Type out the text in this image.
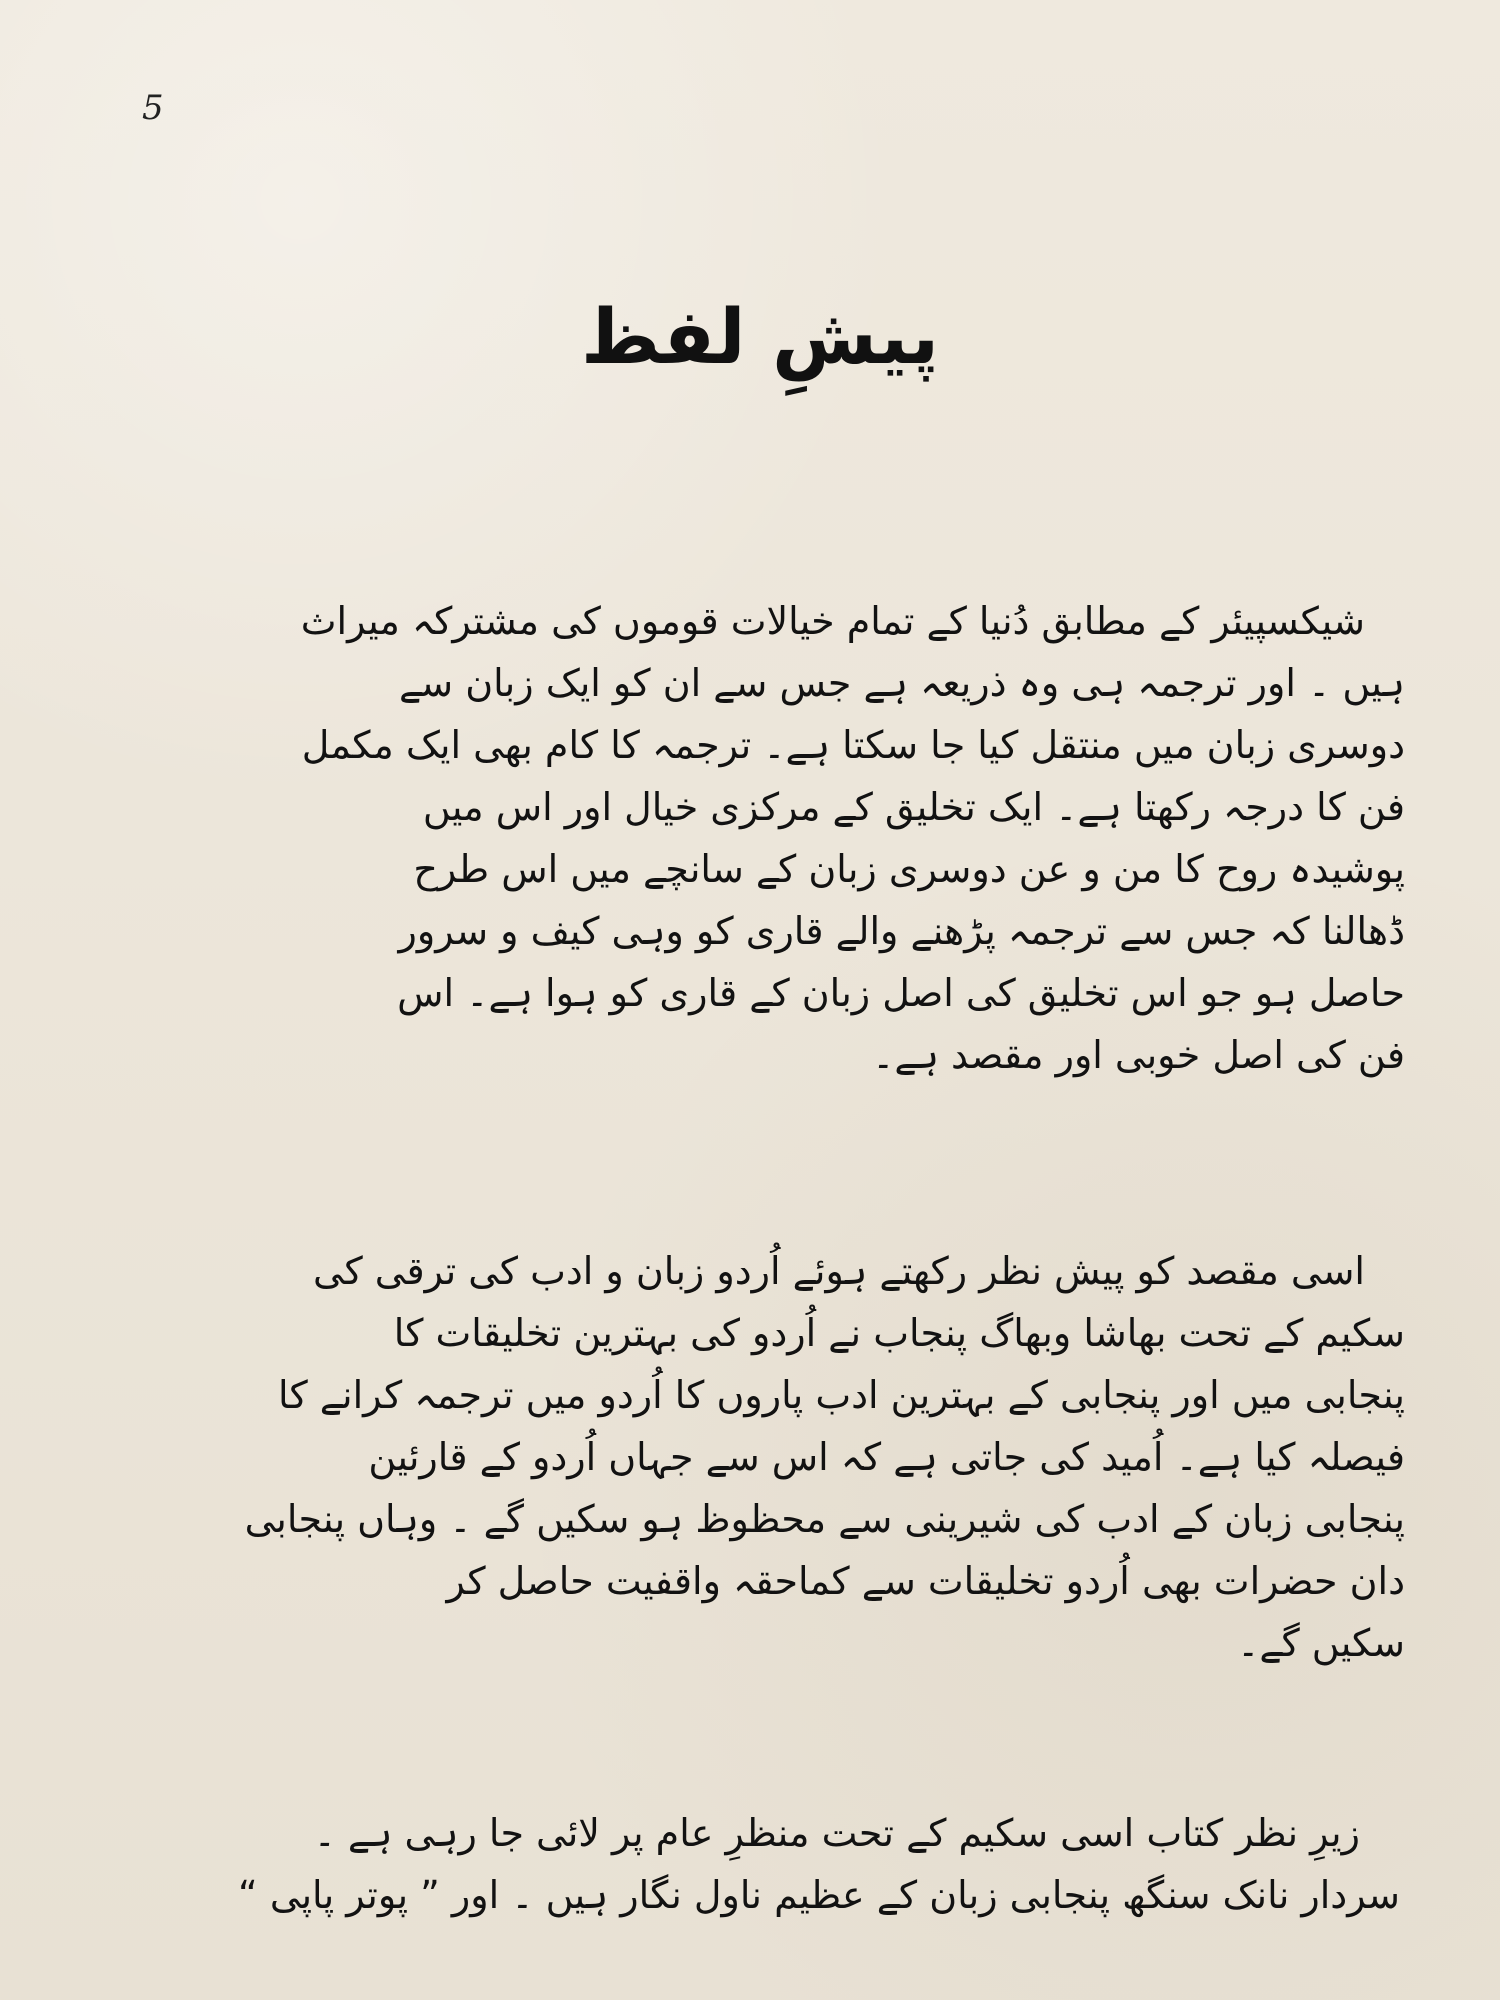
5
پیشِ لفظ
شیکسپیئر کے مطابق دُنیا کے تمام خیالات قوموں کی مشترکہ میراث
ہیں ۔ اور ترجمہ ہی وہ ذریعہ ہے جس سے ان کو ایک زبان سے
دوسری زبان میں منتقل کیا جا سکتا ہے۔ ترجمہ کا کام بھی ایک مکمل
فن کا درجہ رکھتا ہے۔ ایک تخلیق کے مرکزی خیال اور اس میں
پوشیدہ روح کا من و عن دوسری زبان کے سانچے میں اس طرح
ڈھالنا کہ جس سے ترجمہ پڑھنے والے قاری کو وہی کیف و سرور
حاصل ہو جو اس تخلیق کی اصل زبان کے قاری کو ہوا ہے۔ اس
فن کی اصل خوبی اور مقصد ہے۔
اسی مقصد کو پیش نظر رکھتے ہوئے اُردو زبان و ادب کی ترقی کی
سکیم کے تحت بھاشا وبھاگ پنجاب نے اُردو کی بہترین تخلیقات کا
پنجابی میں اور پنجابی کے بہترین ادب پاروں کا اُردو میں ترجمہ کرانے کا
فیصلہ کیا ہے۔ اُمید کی جاتی ہے کہ اس سے جہاں اُردو کے قارئین
پنجابی زبان کے ادب کی شیرینی سے محظوظ ہو سکیں گے ۔ وہاں پنجابی
دان حضرات بھی اُردو تخلیقات سے کماحقہ واقفیت حاصل کر
سکیں گے۔
زیرِ نظر کتاب اسی سکیم کے تحت منظرِ عام پر لائی جا رہی ہے ۔
سردار نانک سنگھ پنجابی زبان کے عظیم ناول نگار ہیں ۔ اور ” پوتر پاپی “
